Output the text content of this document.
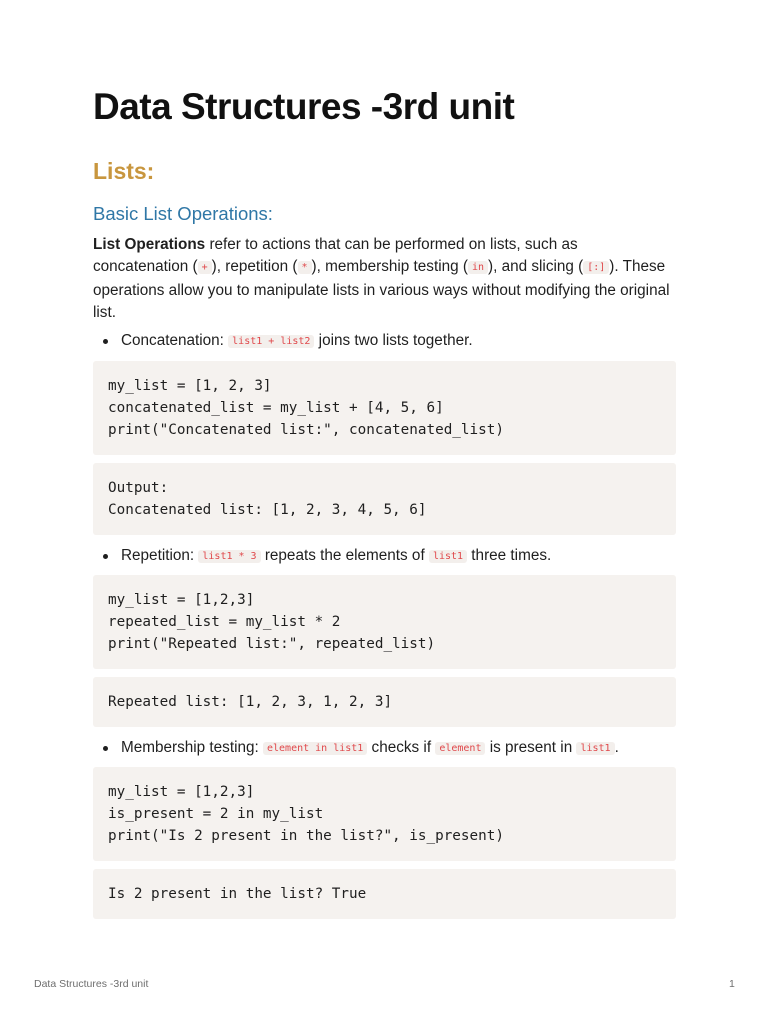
Data Structures -3rd unit
Lists:
Basic List Operations:

List Operations refer to actions that can be performed on lists, such as concatenation ( + ), repetition ( * ), membership testing ( in ), and slicing ( [:] ). These operations allow you to manipulate lists in various ways without modifying the original list.

Concatenation: list1 + list2 joins two lists together.
my_list = [1, 2, 3]
concatenated_list = my_list + [4, 5, 6]
print("Concatenated list:", concatenated_list)
Output:
Concatenated list: [1, 2, 3, 4, 5, 6]
Repetition: list1 * 3 repeats the elements of list1 three times.
my_list = [1,2,3]
repeated_list = my_list * 2
print("Repeated list:", repeated_list)
Repeated list: [1, 2, 3, 1, 2, 3]
Membership testing: element in list1 checks if element is present in list1 .
my_list = [1,2,3]
is_present = 2 in my_list
print("Is 2 present in the list?", is_present)
Is 2 present in the list? True
Data Structures -3rd unit	1
